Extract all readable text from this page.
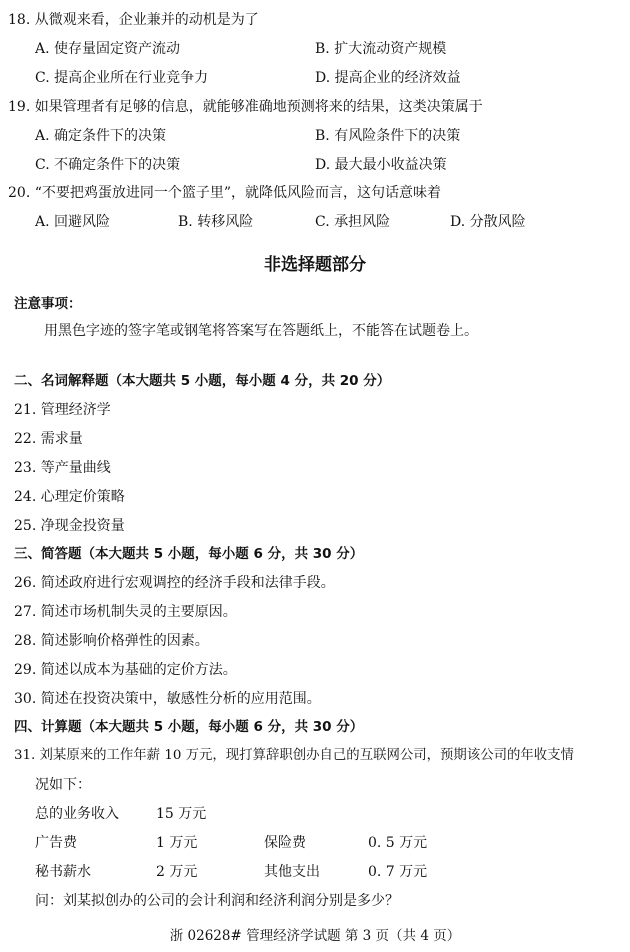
18. 从微观来看，企业兼并的动机是为了
A. 使存量固定资产流动	B. 扩大流动资产规模
C. 提高企业所在行业竞争力	D. 提高企业的经济效益
19. 如果管理者有足够的信息，就能够准确地预测将来的结果，这类决策属于
A. 确定条件下的决策	B. 有风险条件下的决策
C. 不确定条件下的决策	D. 最大最小收益决策
20. “不要把鸡蛋放进同一个篮子里”，就降低风险而言，这句话意味着
A. 回避风险	B. 转移风险	C. 承担风险	D. 分散风险
非选择题部分
注意事项：
用黑色字迹的签字笔或钢笔将答案写在答题纸上，不能答在试题卷上。
二、名词解释题（本大题共 5 小题，每小题 4 分，共 20 分）
21. 管理经济学
22. 需求量
23. 等产量曲线
24. 心理定价策略
25. 净现金投资量
三、简答题（本大题共 5 小题，每小题 6 分，共 30 分）
26. 简述政府进行宏观调控的经济手段和法律手段。
27. 简述市场机制失灵的主要原因。
28. 简述影响价格弹性的因素。
29. 简述以成本为基础的定价方法。
30. 简述在投资决策中，敏感性分析的应用范围。
四、计算题（本大题共 5 小题，每小题 6 分，共 30 分）
31. 刘某原来的工作年薪 10 万元，现打算辞职创办自己的互联网公司，预期该公司的年收支情
况如下：
总的业务收入	15 万元
广告费	1 万元	保险费	0. 5 万元
秘书薪水	2 万元	其他支出	0. 7 万元
问：刘某拟创办的公司的会计利润和经济利润分别是多少？
浙 02628# 管理经济学试题 第 3 页（共 4 页）
